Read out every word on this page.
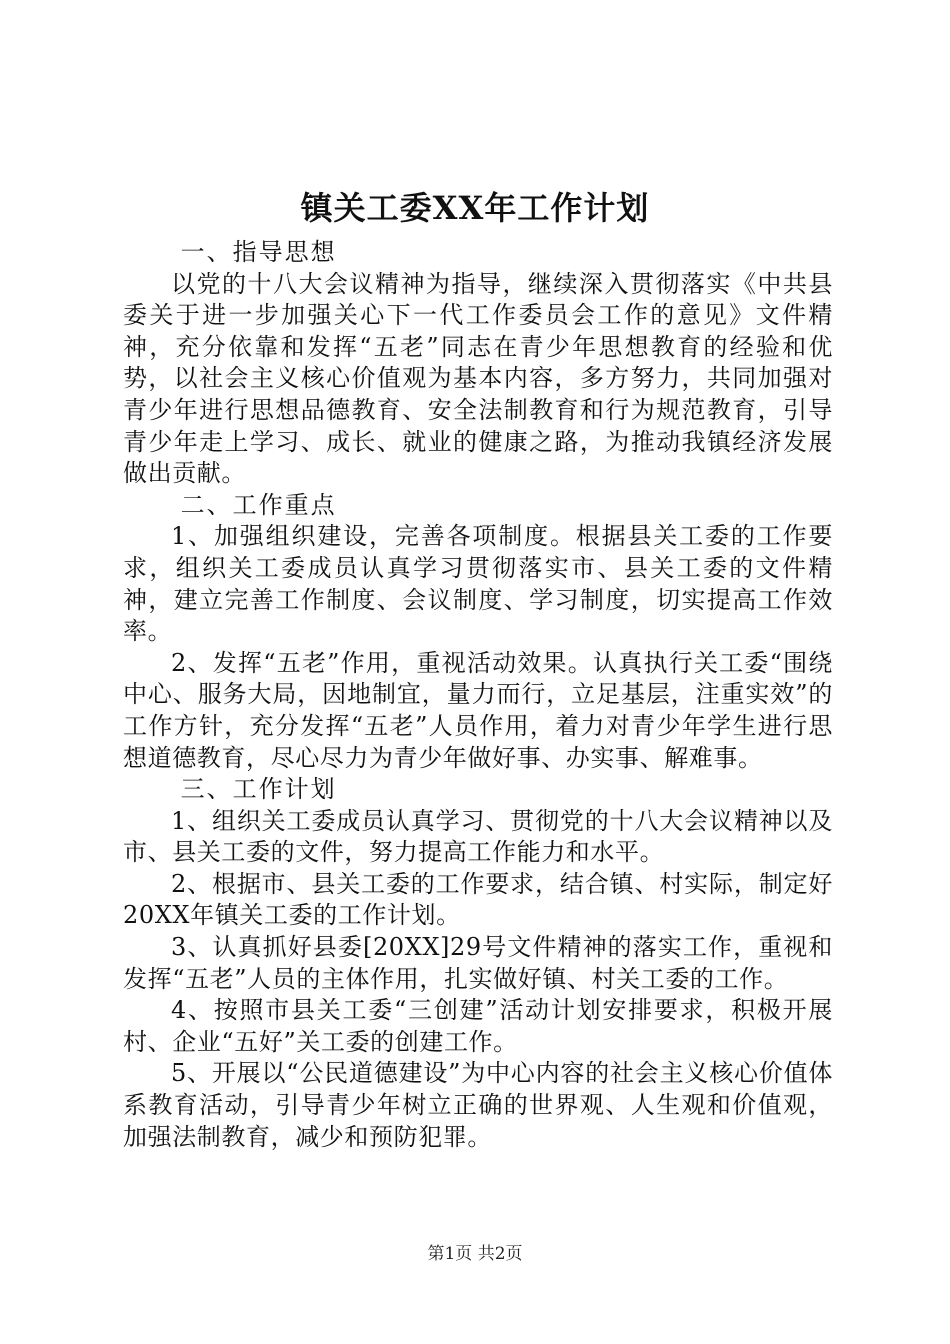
镇关工委XX年工作计划

一、指导思想

以党的十八大会议精神为指导，继续深入贯彻落实《中共县委关于进一步加强关心下一代工作委员会工作的意见》文件精神，充分依靠和发挥“五老”同志在青少年思想教育的经验和优势，以社会主义核心价值观为基本内容，多方努力，共同加强对青少年进行思想品德教育、安全法制教育和行为规范教育，引导青少年走上学习、成长、就业的健康之路，为推动我镇经济发展做出贡献。

二、工作重点

1、加强组织建设，完善各项制度。根据县关工委的工作要求，组织关工委成员认真学习贯彻落实市、县关工委的文件精神，建立完善工作制度、会议制度、学习制度，切实提高工作效率。

2、发挥“五老”作用，重视活动效果。认真执行关工委“围绕中心、服务大局，因地制宜，量力而行，立足基层，注重实效”的工作方针，充分发挥“五老”人员作用，着力对青少年学生进行思想道德教育，尽心尽力为青少年做好事、办实事、解难事。

三、工作计划

1、组织关工委成员认真学习、贯彻党的十八大会议精神以及市、县关工委的文件，努力提高工作能力和水平。

2、根据市、县关工委的工作要求，结合镇、村实际，制定好20XX年镇关工委的工作计划。

3、认真抓好县委[20XX]29号文件精神的落实工作，重视和发挥“五老”人员的主体作用，扎实做好镇、村关工委的工作。

4、按照市县关工委“三创建”活动计划安排要求，积极开展村、企业“五好”关工委的创建工作。

5、开展以“公民道德建设”为中心内容的社会主义核心价值体系教育活动，引导青少年树立正确的世界观、人生观和价值观，加强法制教育，减少和预防犯罪。

第1页 共2页
